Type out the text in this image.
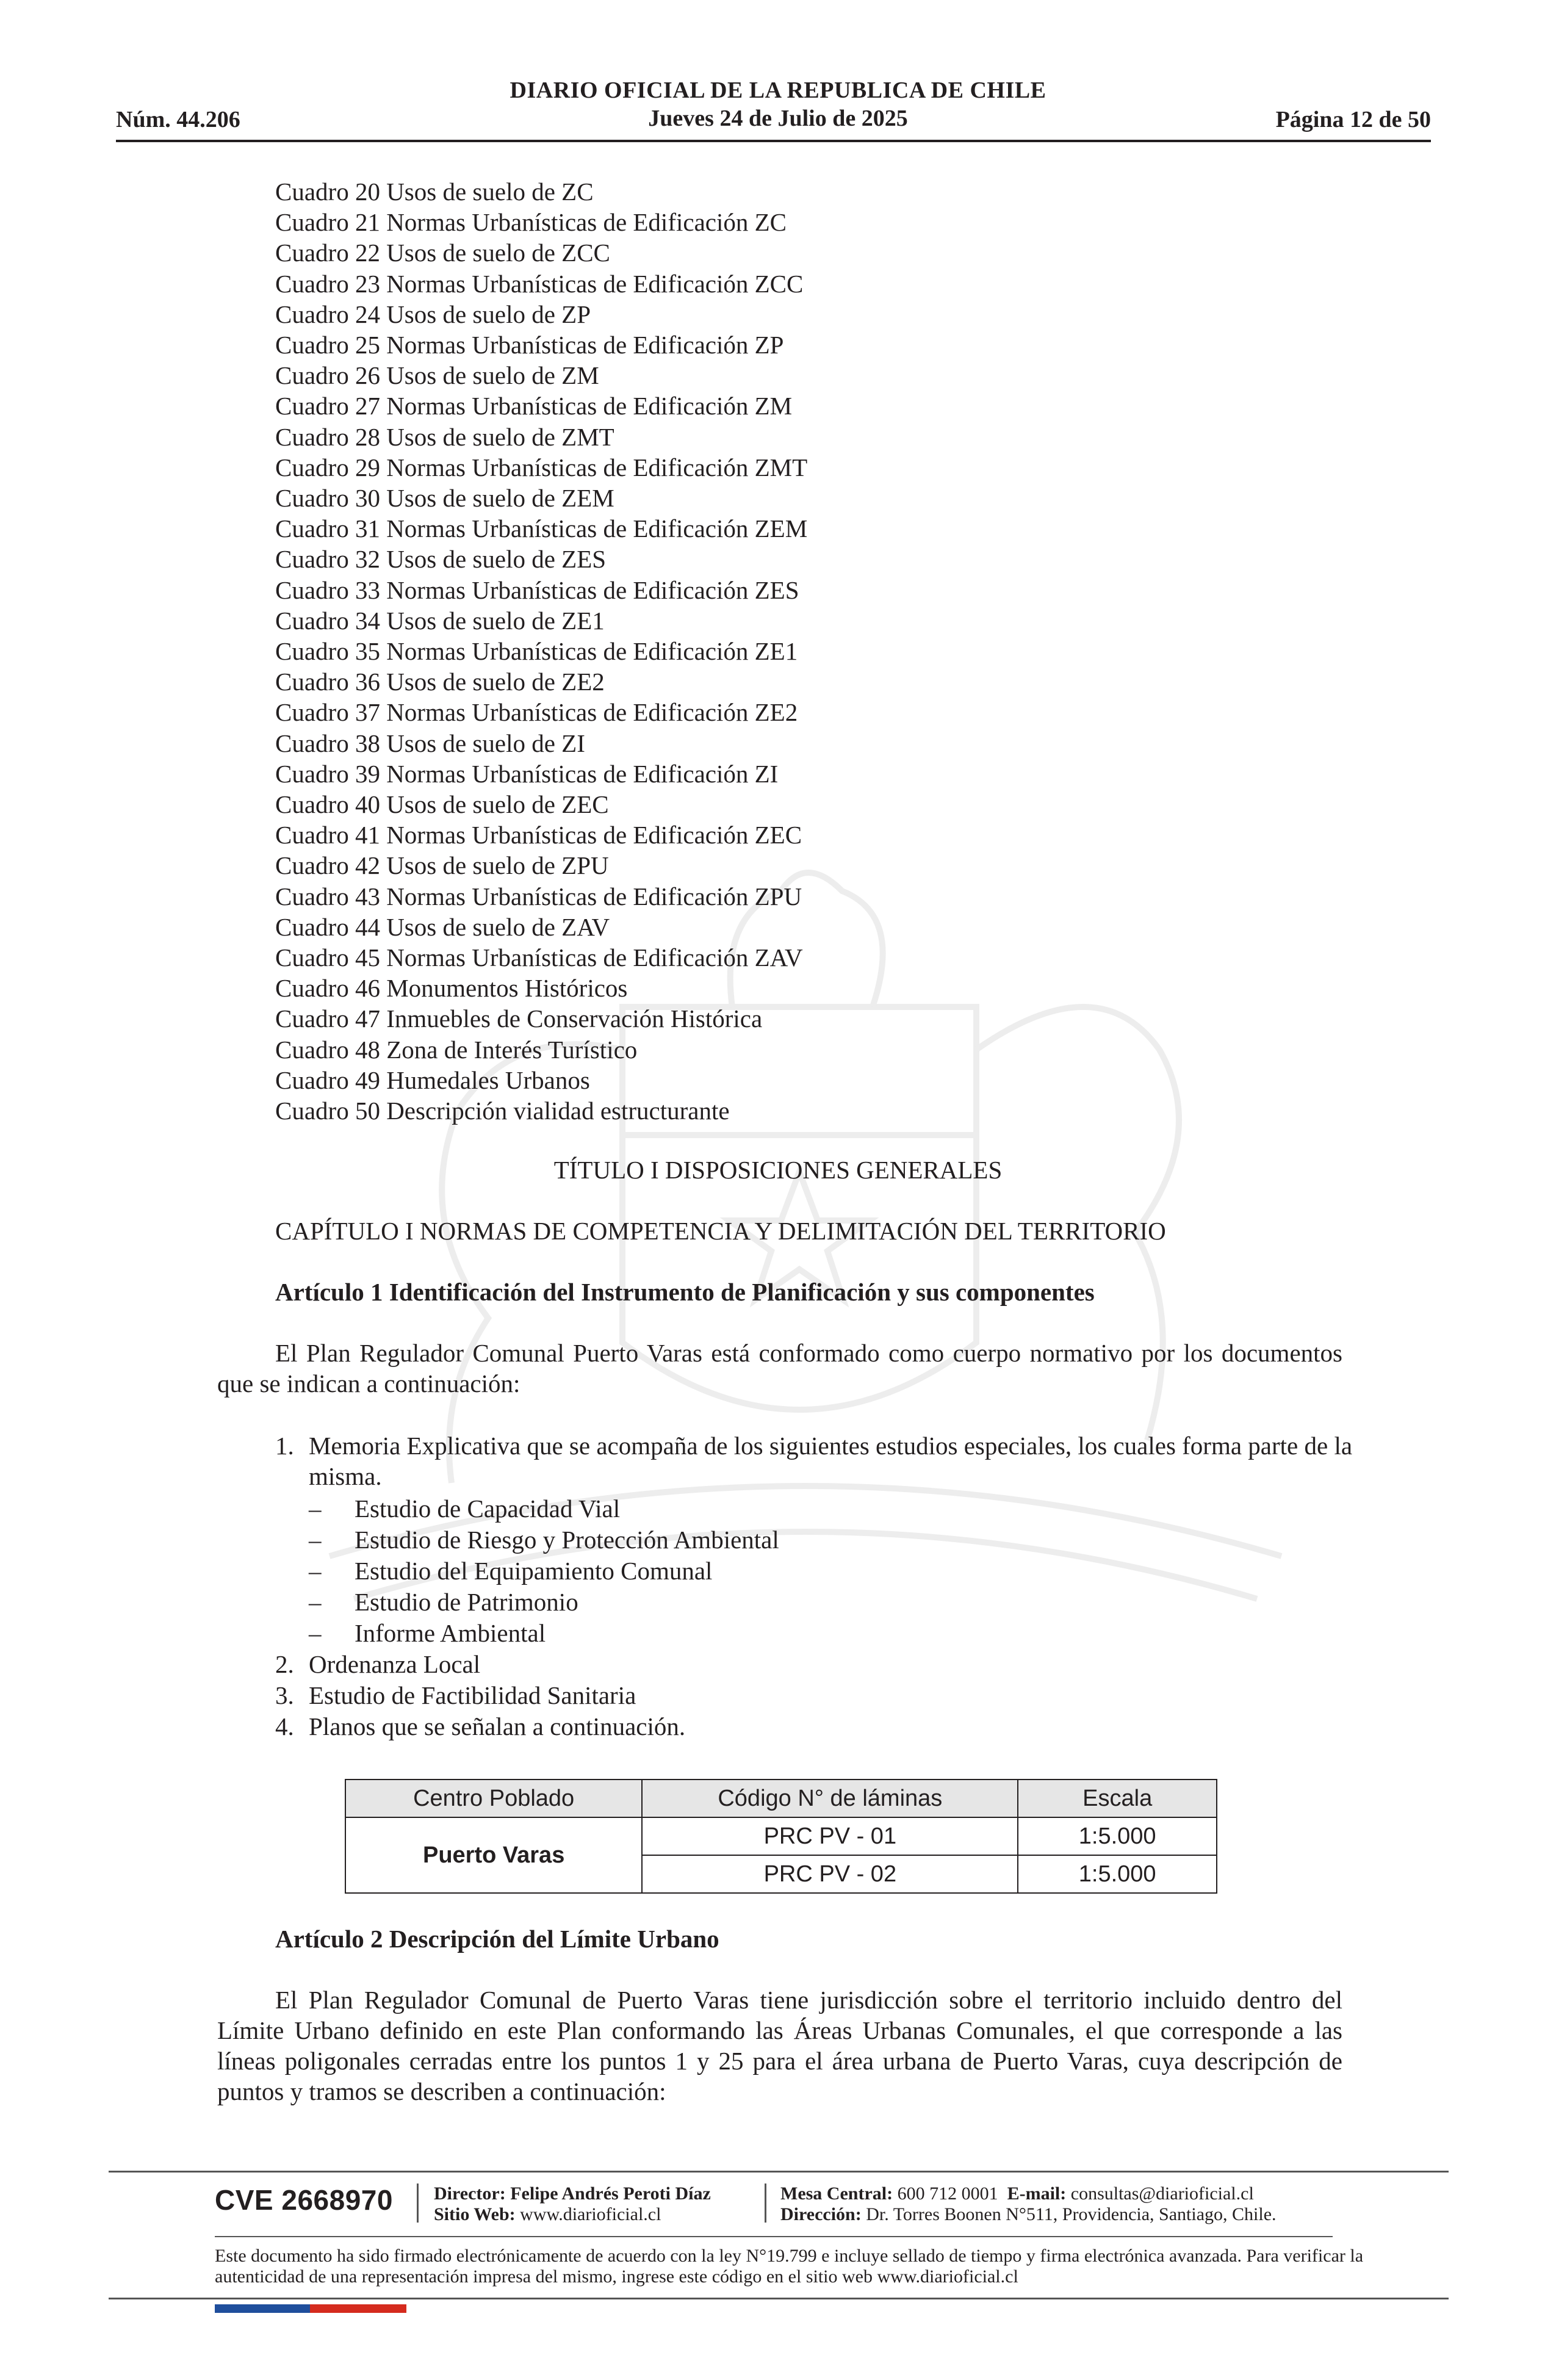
DIARIO OFICIAL DE LA REPUBLICA DE CHILE
Núm. 44.206	Jueves 24 de Julio de 2025	Página 12 de 50
Cuadro 20 Usos de suelo de ZC
Cuadro 21 Normas Urbanísticas de Edificación ZC
Cuadro 22 Usos de suelo de ZCC
Cuadro 23 Normas Urbanísticas de Edificación ZCC
Cuadro 24 Usos de suelo de ZP
Cuadro 25 Normas Urbanísticas de Edificación ZP
Cuadro 26 Usos de suelo de ZM
Cuadro 27 Normas Urbanísticas de Edificación ZM
Cuadro 28 Usos de suelo de ZMT
Cuadro 29 Normas Urbanísticas de Edificación ZMT
Cuadro 30 Usos de suelo de ZEM
Cuadro 31 Normas Urbanísticas de Edificación ZEM
Cuadro 32 Usos de suelo de ZES
Cuadro 33 Normas Urbanísticas de Edificación ZES
Cuadro 34 Usos de suelo de ZE1
Cuadro 35 Normas Urbanísticas de Edificación ZE1
Cuadro 36 Usos de suelo de ZE2
Cuadro 37 Normas Urbanísticas de Edificación ZE2
Cuadro 38 Usos de suelo de ZI
Cuadro 39 Normas Urbanísticas de Edificación ZI
Cuadro 40 Usos de suelo de ZEC
Cuadro 41 Normas Urbanísticas de Edificación ZEC
Cuadro 42 Usos de suelo de ZPU
Cuadro 43 Normas Urbanísticas de Edificación ZPU
Cuadro 44 Usos de suelo de ZAV
Cuadro 45 Normas Urbanísticas de Edificación ZAV
Cuadro 46 Monumentos Históricos
Cuadro 47 Inmuebles de Conservación Histórica
Cuadro 48 Zona de Interés Turístico
Cuadro 49 Humedales Urbanos
Cuadro 50 Descripción vialidad estructurante
TÍTULO I DISPOSICIONES GENERALES
CAPÍTULO I NORMAS DE COMPETENCIA Y DELIMITACIÓN DEL TERRITORIO
Artículo 1 Identificación del Instrumento de Planificación y sus componentes

El Plan Regulador Comunal Puerto Varas está conformado como cuerpo normativo por los documentos que se indican a continuación:

1. Memoria Explicativa que se acompaña de los siguientes estudios especiales, los cuales forma parte de la misma.
– Estudio de Capacidad Vial
– Estudio de Riesgo y Protección Ambiental
– Estudio del Equipamiento Comunal
– Estudio de Patrimonio
– Informe Ambiental
2. Ordenanza Local
3. Estudio de Factibilidad Sanitaria
4. Planos que se señalan a continuación.
Centro Poblado	Código N° de láminas	Escala
Puerto Varas	PRC PV - 01	1:5.000
	PRC PV - 02	1:5.000
Artículo 2 Descripción del Límite Urbano

El Plan Regulador Comunal de Puerto Varas tiene jurisdicción sobre el territorio incluido dentro del Límite Urbano definido en este Plan conformando las Áreas Urbanas Comunales, el que corresponde a las líneas poligonales cerradas entre los puntos 1 y 25 para el área urbana de Puerto Varas, cuya descripción de puntos y tramos se describen a continuación:

CVE 2668970 Director: Felipe Andrés Peroti Díaz
Sitio Web: www.diarioficial.cl
Mesa Central: 600 712 0001 E-mail: consultas@diarioficial.cl
Dirección: Dr. Torres Boonen N°511, Providencia, Santiago, Chile.
Este documento ha sido firmado electrónicamente de acuerdo con la ley N°19.799 e incluye sellado de tiempo y firma electrónica avanzada. Para verificar la autenticidad de una representación impresa del mismo, ingrese este código en el sitio web www.diarioficial.cl
